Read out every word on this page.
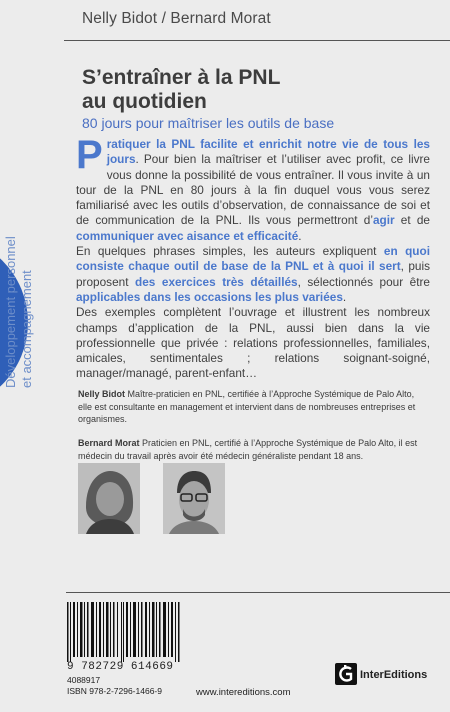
Nelly Bidot / Bernard Morat
S’entraîner à la PNL
au quotidien
80 jours pour maîtriser les outils de base
Développement personnel et accompagnement

Pratiquer la PNL facilite et enrichit notre vie de tous les jours. Pour bien la maîtriser et l’utiliser avec profit, ce livre vous donne la possibilité de vous entraîner. Il vous invite à un tour de la PNL en 80 jours à la fin duquel vous vous serez familiarisé avec les outils d’observation, de connaissance de soi et de communication de la PNL. Ils vous permettront d’agir et de communiquer avec aisance et efficacité.

En quelques phrases simples, les auteurs expliquent en quoi consiste chaque outil de base de la PNL et à quoi il sert, puis proposent des exercices très détaillés, sélectionnés pour être applicables dans les occasions les plus variées.

Des exemples complètent l’ouvrage et illustrent les nombreux champs d’application de la PNL, aussi bien dans la vie professionnelle que privée : relations professionnelles, familiales, amicales, sentimentales ; relations soignant-soigné, manager/managé, parent-enfant…

Nelly Bidot Maître-praticien en PNL, certifiée à l’Approche Systémique de Palo Alto, elle est consultante en management et intervient dans de nombreuses entreprises et organismes.

Bernard Morat Praticien en PNL, certifié à l’Approche Systémique de Palo Alto, il est médecin du travail après avoir été médecin généraliste pendant 18 ans.

9 782729 614669
4088917
ISBN 978-2-7296-1466-9	www.intereditions.com
InterEditions
